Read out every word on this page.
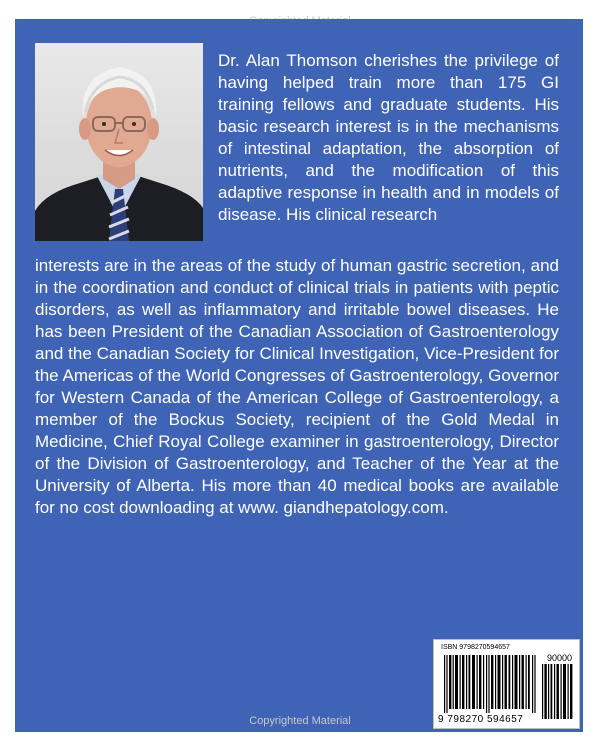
Dr. Alan Thomson cherishes the privilege of having helped train more than 175 GI training fellows and graduate students. His basic research interest is in the mechanisms of intestinal adaptation, the absorption of nutrients, and the modification of this adaptive response in health and in models of disease. His clinical research
interests are in the areas of the study of human gastric secretion, and in the coordination and conduct of clinical trials in patients with peptic disorders, as well as inflammatory and irritable bowel diseases. He has been President of the Canadian Association of Gastroenterology and the Canadian Society for Clinical Investigation, Vice-President for the Americas of the World Congresses of Gastroenterology, Governor for Western Canada of the American College of Gastroenterology, a member of the Bockus Society, recipient of the Gold Medal in Medicine, Chief Royal College examiner in gastroenterology, Director of the Division of Gastroenterology, and Teacher of the Year at the University of Alberta. His more than 40 medical books are available for no cost downloading at www. giandhepatology.com.
ISBN 9798270594657
90000
9 798270 594657
Copyrighted Material
